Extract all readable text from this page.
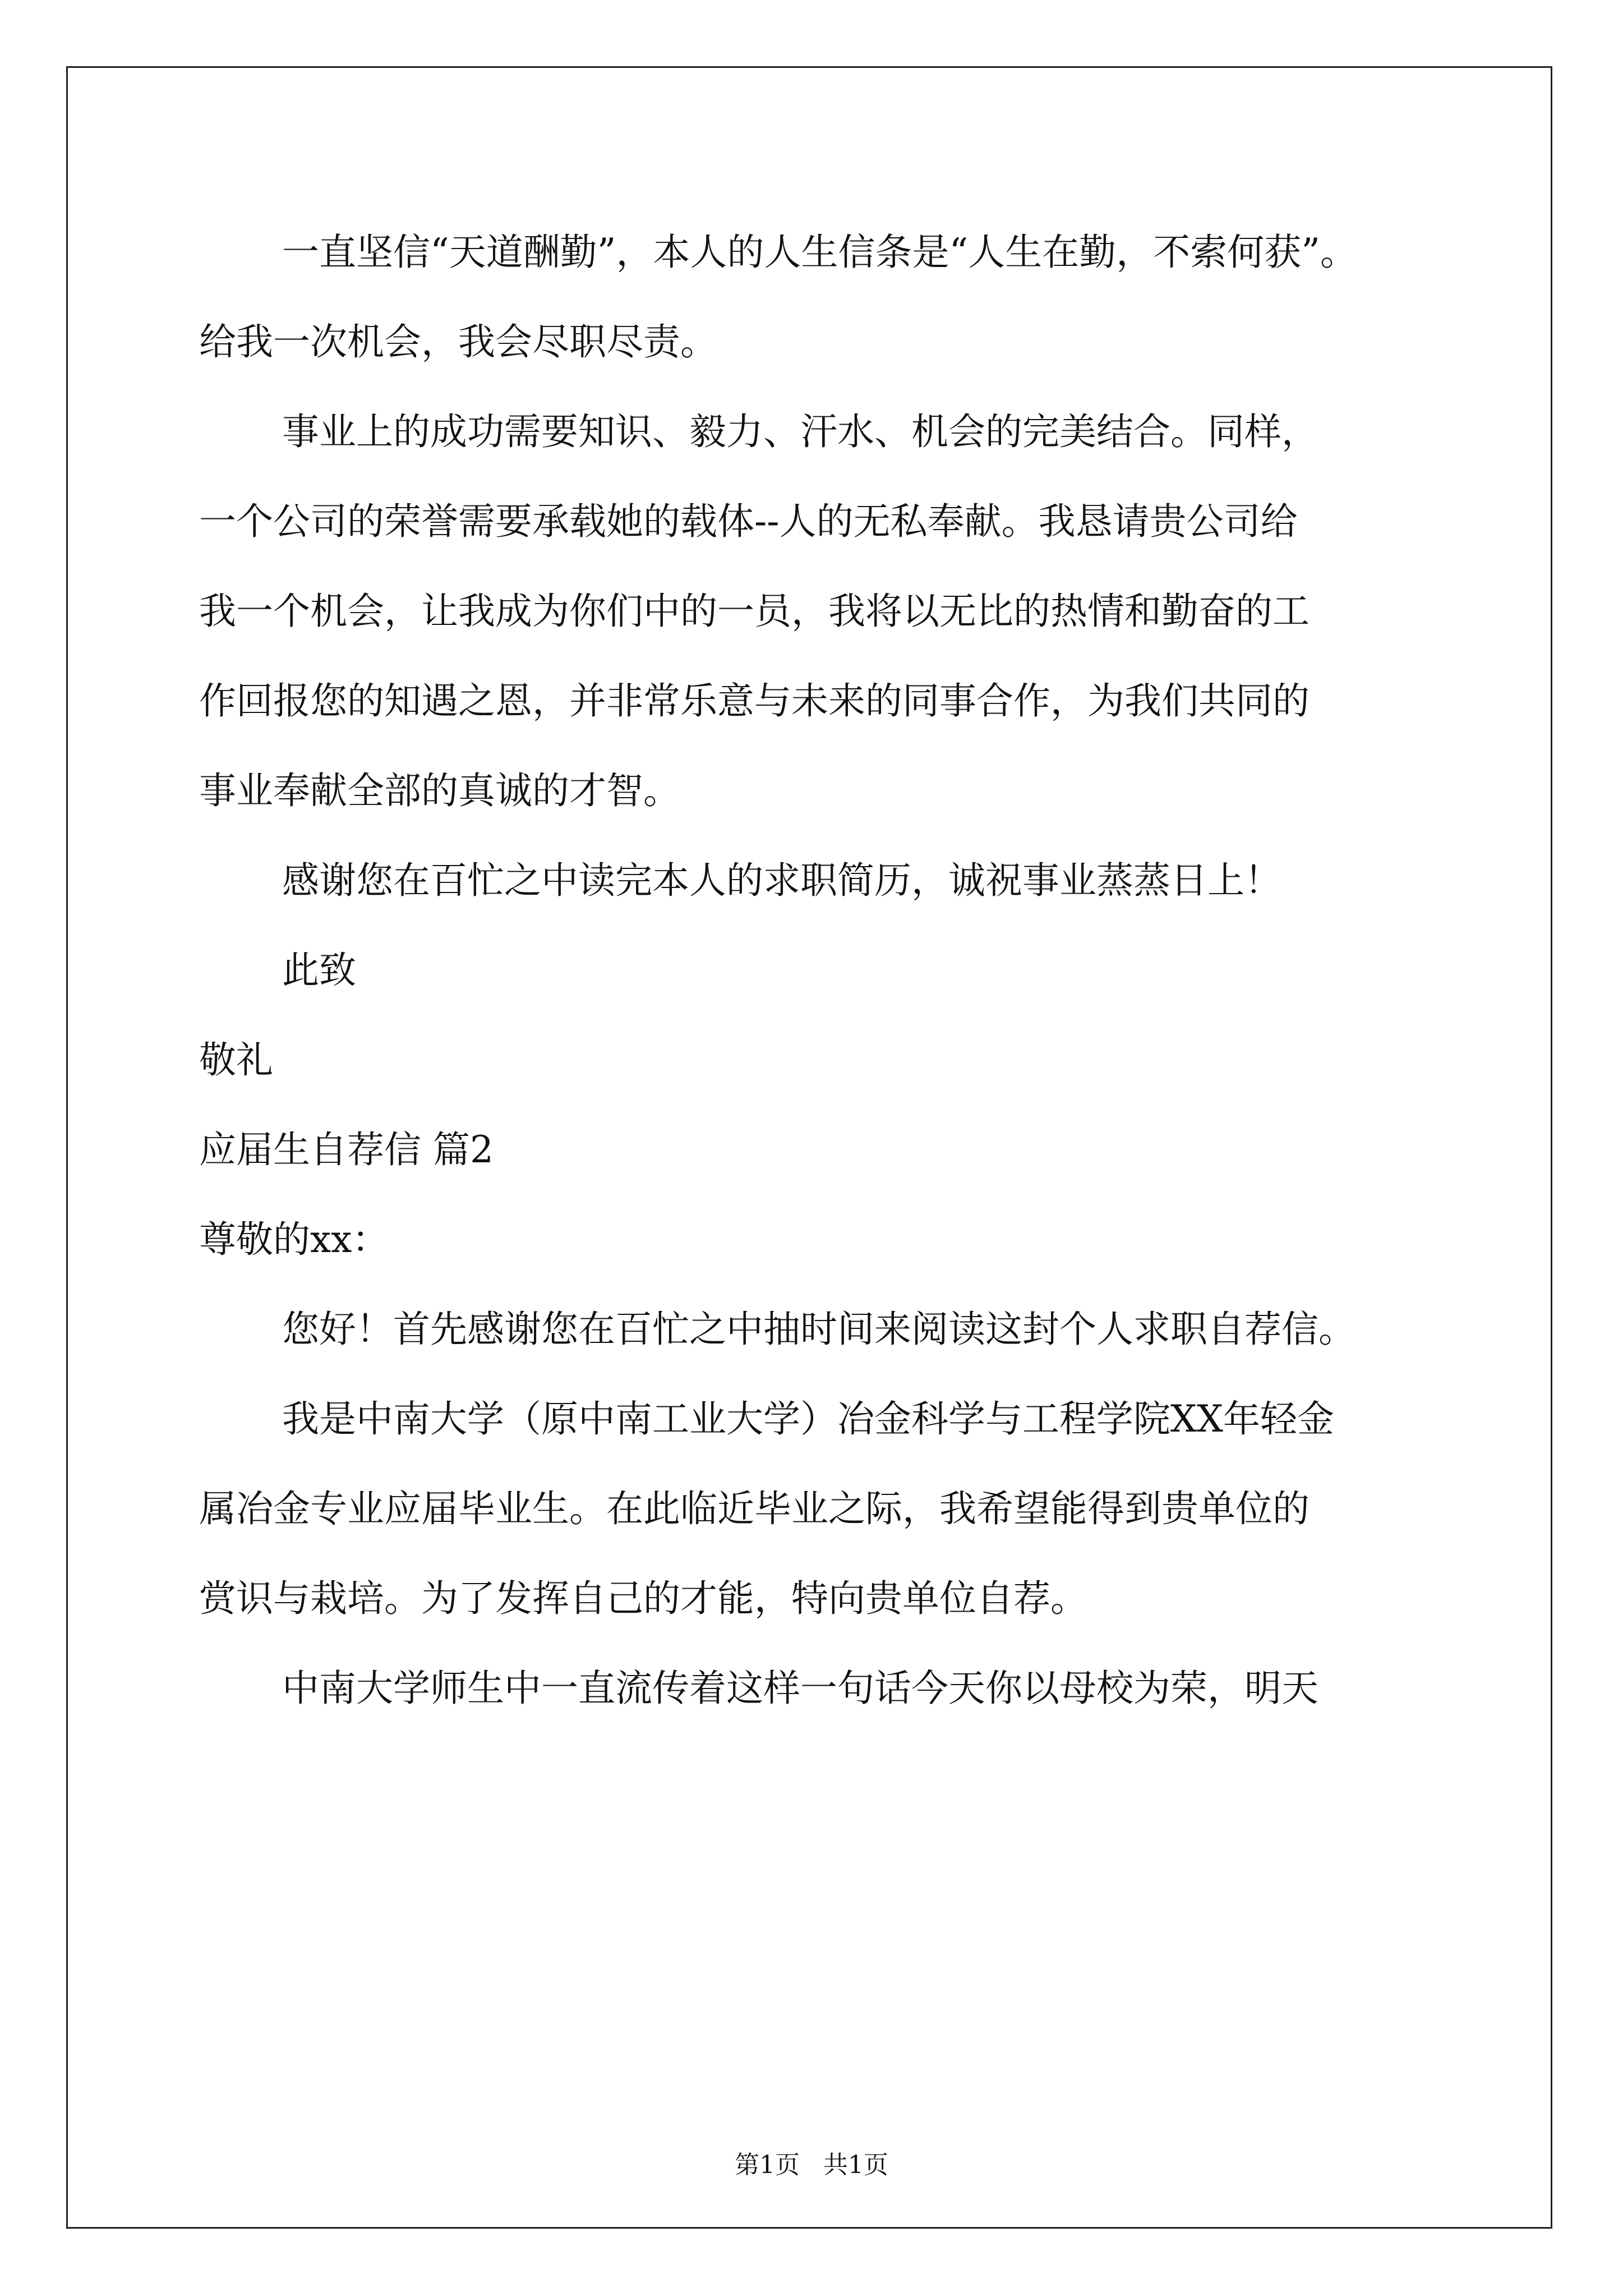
一直坚信“天道酬勤”，本人的人生信条是“人生在勤，不索何获”。
给我一次机会，我会尽职尽责。
事业上的成功需要知识、毅力、汗水、机会的完美结合。同样，
一个公司的荣誉需要承载她的载体--人的无私奉献。我恳请贵公司给
我一个机会，让我成为你们中的一员，我将以无比的热情和勤奋的工
作回报您的知遇之恩，并非常乐意与未来的同事合作，为我们共同的
事业奉献全部的真诚的才智。
感谢您在百忙之中读完本人的求职简历，诚祝事业蒸蒸日上！
此致
敬礼
应届生自荐信 篇2
尊敬的xx：
您好！首先感谢您在百忙之中抽时间来阅读这封个人求职自荐信。
我是中南大学（原中南工业大学）冶金科学与工程学院XX年轻金
属冶金专业应届毕业生。在此临近毕业之际，我希望能得到贵单位的
赏识与栽培。为了发挥自己的才能，特向贵单位自荐。
中南大学师生中一直流传着这样一句话今天你以母校为荣，明天
第1页   共1页
